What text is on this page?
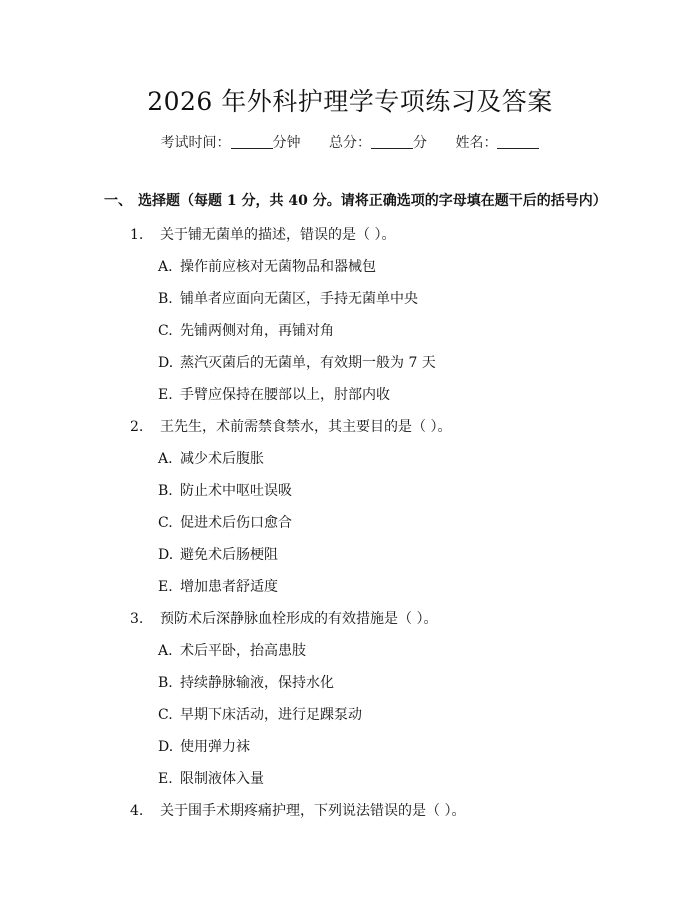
2026 年外科护理学专项练习及答案
考试时间：	分钟 总分：	分 姓名：
一、 选择题（每题 1 分，共 40 分。请将正确选项的字母填在题干后的括号内）
1. 关于铺无菌单的描述，错误的是（ ）。
A. 操作前应核对无菌物品和器械包
B. 铺单者应面向无菌区，手持无菌单中央
C. 先铺两侧对角，再铺对角
D. 蒸汽灭菌后的无菌单，有效期一般为 7 天
E. 手臂应保持在腰部以上，肘部内收
2. 王先生，术前需禁食禁水，其主要目的是（ ）。
A. 减少术后腹胀
B. 防止术中呕吐误吸
C. 促进术后伤口愈合
D. 避免术后肠梗阻
E. 增加患者舒适度
3. 预防术后深静脉血栓形成的有效措施是（ ）。
A. 术后平卧，抬高患肢
B. 持续静脉输液，保持水化
C. 早期下床活动，进行足踝泵动
D. 使用弹力袜
E. 限制液体入量
4. 关于围手术期疼痛护理，下列说法错误的是（ ）。
